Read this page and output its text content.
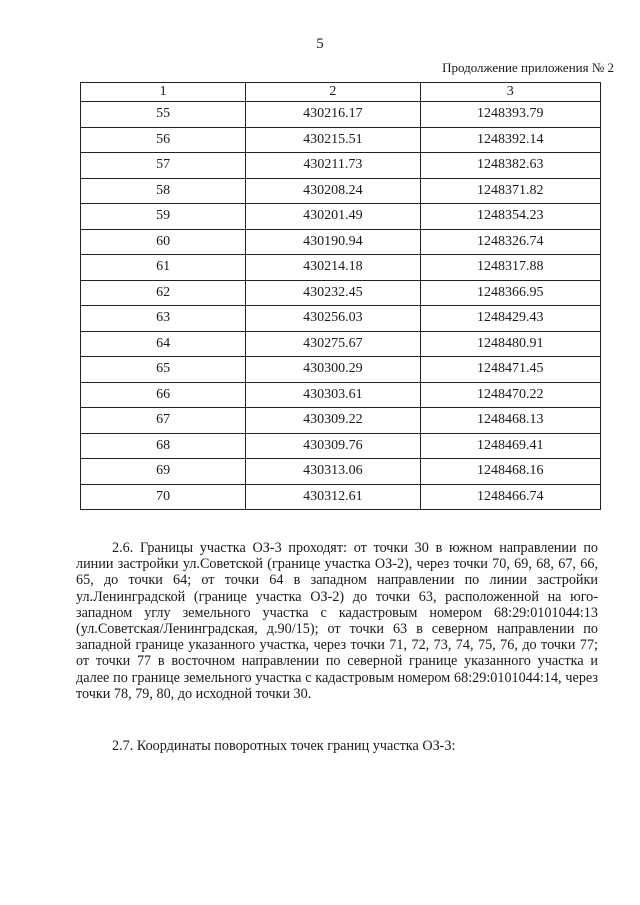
5
Продолжение приложения № 2
1	2	3
55	430216.17	1248393.79
56	430215.51	1248392.14
57	430211.73	1248382.63
58	430208.24	1248371.82
59	430201.49	1248354.23
60	430190.94	1248326.74
61	430214.18	1248317.88
62	430232.45	1248366.95
63	430256.03	1248429.43
64	430275.67	1248480.91
65	430300.29	1248471.45
66	430303.61	1248470.22
67	430309.22	1248468.13
68	430309.76	1248469.41
69	430313.06	1248468.16
70	430312.61	1248466.74

2.6. Границы участка ОЗ-3 проходят: от точки 30 в южном направлении по линии застройки ул.Советской (границе участка ОЗ-2), через точки 70, 69, 68, 67, 66, 65, до точки 64; от точки 64 в западном направлении по линии застройки ул.Ленинградской (границе участка ОЗ-2) до точки 63, расположенной на юго-западном углу земельного участка с кадастровым номером 68:29:0101044:13 (ул.Советская/Ленинградская, д.90/15); от точки 63 в северном направлении по западной границе указанного участка, через точки 71, 72, 73, 74, 75, 76, до точки 77; от точки 77 в восточном направлении по северной границе указанного участка и далее по границе земельного участка с кадастровым номером 68:29:0101044:14, через точки 78, 79, 80, до исходной точки 30.

2.7. Координаты поворотных точек границ участка ОЗ-3:
